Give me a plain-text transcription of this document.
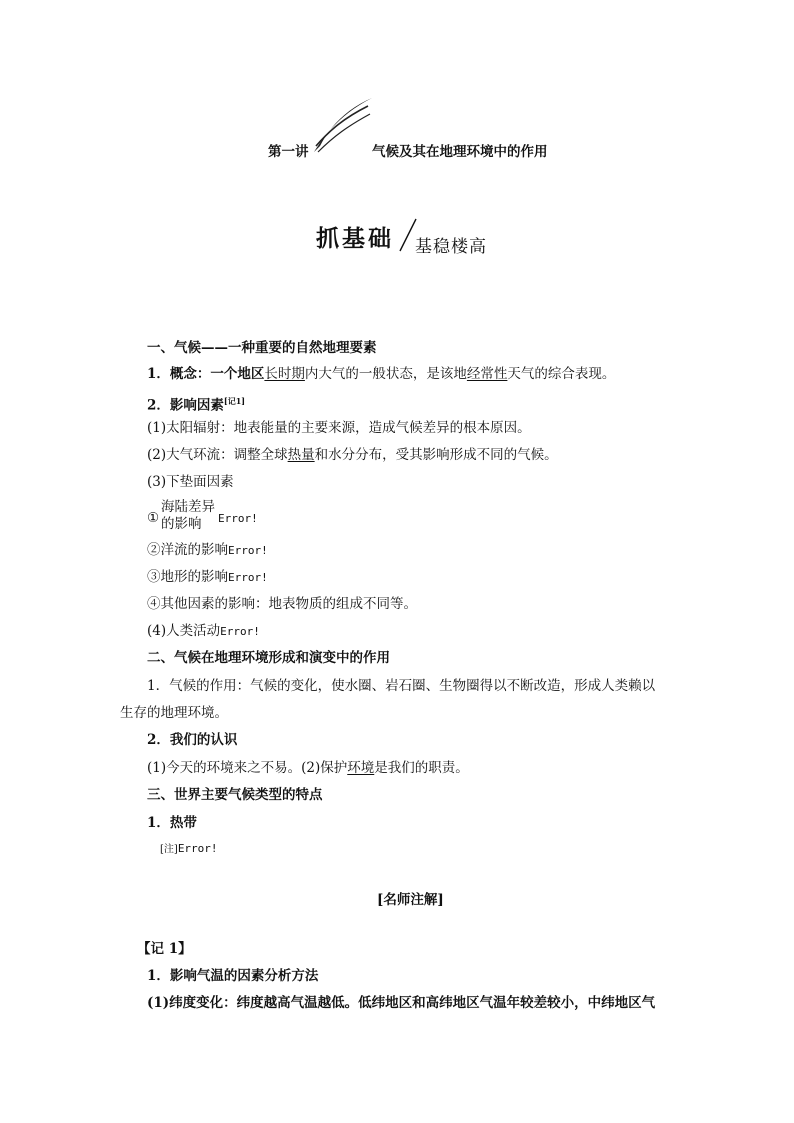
第一讲	气候及其在地理环境中的作用
抓基础 基稳楼高
一、气候——一种重要的自然地理要素
1．概念：一个地区长时期内大气的一般状态，是该地经常性天气的综合表现。
2．影响因素[记1]
(1)太阳辐射：地表能量的主要来源，造成气候差异的根本原因。
(2)大气环流：调整全球热量和水分分布，受其影响形成不同的气候。
(3)下垫面因素
①
海陆差异
的影响 Error!
②洋流的影响Error!
③地形的影响Error!
④其他因素的影响：地表物质的组成不同等。
(4)人类活动Error!
二、气候在地理环境形成和演变中的作用
1．气候的作用：气候的变化，使水圈、岩石圈、生物圈得以不断改造，形成人类赖以
生存的地理环境。
2．我们的认识
(1)今天的环境来之不易。(2)保护环境是我们的职责。
三、世界主要气候类型的特点
1．热带
[注]Error!
[名师注解]
【记 1】
1．影响气温的因素分析方法
(1)纬度变化：纬度越高气温越低。低纬地区和高纬地区气温年较差较小，中纬地区气
